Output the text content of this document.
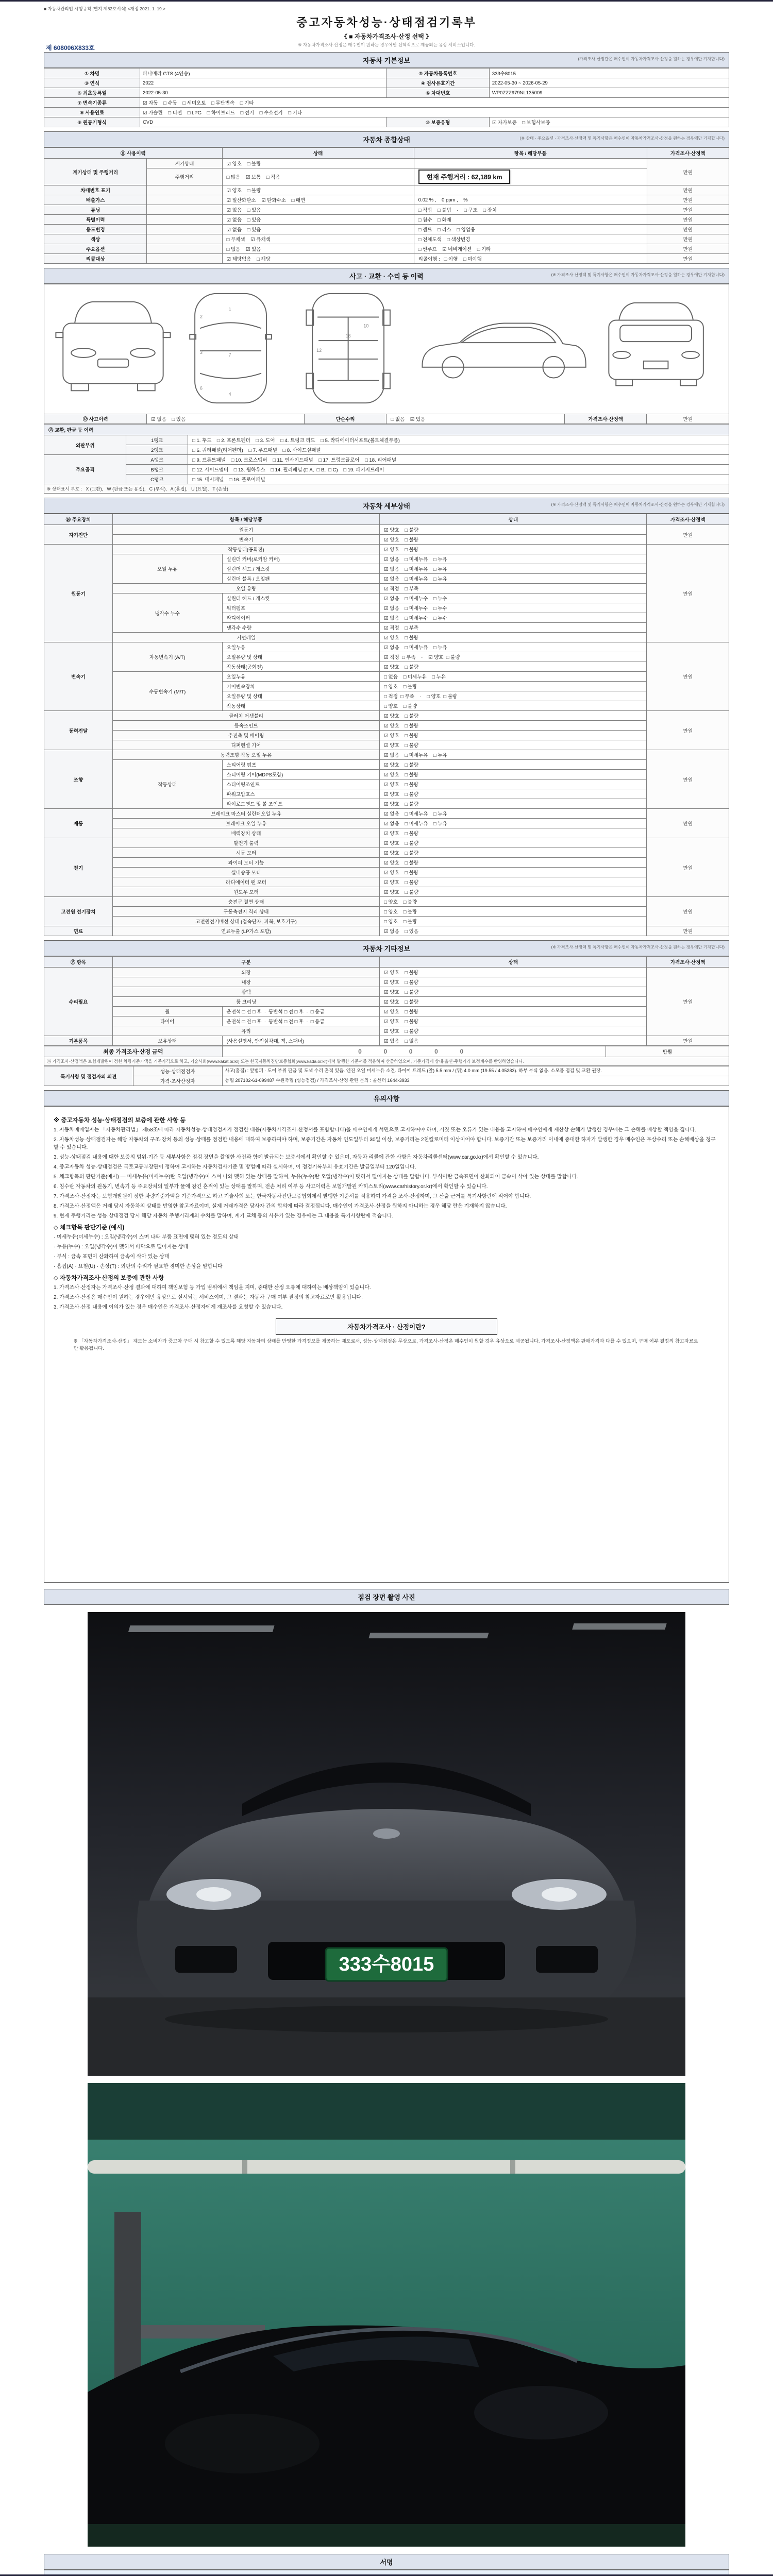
■ 자동차관리법 시행규칙 [별지 제82호서식] <개정 2021. 1. 19.>
중고자동차성능·상태점검기록부
《 ■ 자동차가격조사·산정 선택 》
※ 자동차가격조사·산정은 매수인이 원하는 경우에만 선택적으로 제공되는 유상 서비스입니다.
제 608006X833호
자동차 기본정보	(가격조사·산정란은 매수인이 자동차가격조사·산정을 원하는 경우에만 기재합니다)
① 차명	파나메라 GTS (4인승)	② 자동차등록번호	333수8015
③ 연식	2022	④ 검사유효기간	2022-05-30 ~ 2026-05-29
⑤ 최초등록일	2022-05-30	⑥ 차대번호	WP0ZZZ979NL135009
⑦ 변속기종류	☑ 자동    □ 수동    □ 세미오토    □ 무단변속    □ 기타		
⑧ 사용연료	☑ 가솔린    □ 디젤    □ LPG    □ 하이브리드    □ 전기    □ 수소전기    □ 기타		
⑨ 원동기형식	CVD	⑩ 보증유형	☑ 자가보증    □ 보험사보증
자동차 종합상태	(※ 상태 · 주요옵션 · 가격조사·산정액 및 특기사항은 매수인이 자동차가격조사·산정을 원하는 경우에만 기재합니다)
⑪ 사용이력		상태	항목 / 해당부품	가격조사·산정액
계기상태 및 주행거리	계기상태	☑ 양호    □ 불량		만원
	주행거리	□ 많음    ☑ 보통    □ 적음	현재 주행거리 : 62,189 km	
차대번호 표기		☑ 양호    □ 불량		만원
배출가스		☑ 일산화탄소    ☑ 탄화수소    □ 매연	0.02 % ,    0 ppm ,    %	만원
튜닝		☑ 없음    □ 있음	□ 적법    □ 불법    ·    □ 구조    □ 장치	만원
특별이력		☑ 없음    □ 있음	□ 침수    □ 화재	만원
용도변경		☑ 없음    □ 있음	□ 렌트    □ 리스    □ 영업용	만원
색상		□ 무채색    ☑ 유채색	□ 전체도색    □ 색상변경	만원
주요옵션		□ 없음    ☑ 있음	□ 썬루프    ☑ 네비게이션    □ 기타	만원
리콜대상		☑ 해당없음    □ 해당	리콜이행 :   □ 이행    □ 미이행	만원
사고 · 교환 · 수리 등 이력	(※ 가격조사·산정액 및 특기사항은 매수인이 자동차가격조사·산정을 원하는 경우에만 기재합니다)
1
7
4
2
3
6
16
12
10
⑫ 사고이력	☑ 없음    □ 있음	단순수리	□ 없음    ☑ 있음	가격조사·산정액	만원
⑬ 교환, 판금 등 이력		
외판부위	1랭크	□ 1. 후드    □ 2. 프론트펜더    □ 3. 도어    □ 4. 트렁크 리드    □ 5. 라디에이터서포트(볼트체결부품)
	2랭크	□ 6. 쿼터패널(리어펜더)    □ 7. 루프패널    □ 8. 사이드실패널
주요골격	A랭크	□ 9. 프론트패널    □ 10. 크로스멤버    □ 11. 인사이드패널    □ 17. 트렁크플로어    □ 18. 리어패널
	B랭크	□ 12. 사이드멤버    □ 13. 휠하우스    □ 14. 필러패널 (□ A,  □ B,  □ C)    □ 19. 패키지트레이
	C랭크	□ 15. 대시패널    □ 16. 플로어패널
※ 상태표시 부호 :   X (교환),   W (판금 또는 용접),   C (부식),   A (흠집),   U (요철),   T (손상)		
자동차 세부상태	(※ 가격조사·산정액 및 특기사항은 매수인이 자동차가격조사·산정을 원하는 경우에만 기재합니다)
⑭ 주요장치	항목 / 해당부품		상태	가격조사·산정액
자기진단	원동기		☑ 양호    □ 불량	만원
	변속기		☑ 양호    □ 불량	
원동기	작동상태(공회전)		☑ 양호    □ 불량	만원
	오일 누유	실린더 커버(로커암 커버)	☑ 없음    □ 미세누유    □ 누유	
		실린더 헤드 / 개스킷	☑ 없음    □ 미세누유    □ 누유	
		실린더 블록 / 오일팬	☑ 없음    □ 미세누유    □ 누유	
	오일 유량		☑ 적정    □ 부족	
	냉각수 누수	실린더 헤드 / 개스킷	☑ 없음    □ 미세누수    □ 누수	
		워터펌프	☑ 없음    □ 미세누수    □ 누수	
		라디에이터	☑ 없음    □ 미세누수    □ 누수	
		냉각수 수량	☑ 적정    □ 부족	
	커먼레일		☑ 양호    □ 불량	
변속기	자동변속기 (A/T)	오일누유	☑ 없음    □ 미세누유    □ 누유	만원
		오일유량 및 상태	☑ 적정  □ 부족    ·    ☑ 양호  □ 불량	
		작동상태(공회전)	☑ 양호    □ 불량	
	수동변속기 (M/T)	오일누유	□ 없음    □ 미세누유    □ 누유	
		기어변속장치	□ 양호    □ 불량	
		오일유량 및 상태	□ 적정  □ 부족    ·    □ 양호  □ 불량	
		작동상태	□ 양호    □ 불량	
동력전달	클러치 어셈블리		☑ 양호    □ 불량	만원
	등속조인트		☑ 양호    □ 불량	
	추진축 및 베어링		☑ 양호    □ 불량	
	디퍼렌셜 기어		☑ 양호    □ 불량	
조향	동력조향 작동 오일 누유		☑ 없음    □ 미세누유    □ 누유	만원
	작동상태	스티어링 펌프	☑ 양호    □ 불량	
		스티어링 기어(MDPS포함)	☑ 양호    □ 불량	
		스티어링조인트	☑ 양호    □ 불량	
		파워고압호스	☑ 양호    □ 불량	
		타이로드엔드 및 볼 조인트	☑ 양호    □ 불량	
제동	브레이크 마스터 실린더오일 누유		☑ 없음    □ 미세누유    □ 누유	만원
	브레이크 오일 누유		☑ 없음    □ 미세누유    □ 누유	
	배력장치 상태		☑ 양호    □ 불량	
전기	발전기 출력		☑ 양호    □ 불량	만원
	시동 모터		☑ 양호    □ 불량	
	와이퍼 모터 기능		☑ 양호    □ 불량	
	실내송풍 모터		☑ 양호    □ 불량	
	라디에이터 팬 모터		☑ 양호    □ 불량	
	윈도우 모터		☑ 양호    □ 불량	
고전원 전기장치	충전구 절연 상태		□ 양호    □ 불량	만원
	구동축전지 격리 상태		□ 양호    □ 불량	
	고전원전기배선 상태 (접속단자, 피복, 보호기구)		□ 양호    □ 불량	
연료	연료누출 (LP가스 포함)		☑ 없음    □ 있음	만원
자동차 기타정보	(※ 가격조사·산정액 및 특기사항은 매수인이 자동차가격조사·산정을 원하는 경우에만 기재합니다)
⑮ 항목	구분		상태	가격조사·산정액
수리필요	외장		☑ 양호    □ 불량	만원
	내장		☑ 양호    □ 불량	
	광택		☑ 양호    □ 불량	
	룸 크리닝		☑ 양호    □ 불량	
	휠	운전석 □ 전 □ 후  ·  동반석 □ 전 □ 후  ·  □ 응급	☑ 양호    □ 불량	
	타이어	운전석 □ 전 □ 후  ·  동반석 □ 전 □ 후  ·  □ 응급	☑ 양호    □ 불량	
	유리		☑ 양호    □ 불량	
기본품목	보유상태	(사용설명서, 안전삼각대, 잭, 스패너)	☑ 있음    □ 없음	만원
최종 가격조사·산정 금액	0  0  0  0  0	만원
⑯ 가격조사·산정액은 보험개발원이 정한 차량기준가액을 기준가격으로 하고, 기술사회(www.kakat.or.kr) 또는 한국자동차진단보증협회(www.kada.or.kr)에서 발행한 기준서를 적용하여 산출하였으며, 기준가격에 상태·옵션·주행거리 보정계수를 반영하였습니다.
특기사항 및 점검자의 의견	성능·상태점검자	사고(흠집) : 앞범퍼 · 도어 부위 판금 및 도색 수리 흔적 있음. 엔진 오일 미세누유 소견. 타이어 트레드 (앞) 5.5 mm / (뒤) 4.0 mm (19.55 / 4.05283). 하부 부식 없음. 소모품 점검 및 교환 권장.
	가격·조사산정자	농협 207102-61-099487 수원축협 (성능점검) / 가격조사·산정 관련 문의 : 콜센터 1644-3933
유의사항
※ 중고자동차 성능·상태점검의 보증에 관한 사항 등
1. 자동차매매업자는 「자동차관리법」 제58조에 따라 자동차성능·상태점검자가 점검한 내용(자동차가격조사·산정서를 포함합니다)을 매수인에게 서면으로 고지하여야 하며, 거짓 또는 오류가 있는 내용을 고지하여 매수인에게 재산상 손해가 발생한 경우에는 그 손해를 배상할 책임을 집니다.
2. 자동차성능·상태점검자는 해당 자동차의 구조·장치 등의 성능·상태를 점검한 내용에 대하여 보증하여야 하며, 보증기간은 자동차 인도일부터 30일 이상, 보증거리는 2천킬로미터 이상이어야 합니다. 보증기간 또는 보증거리 이내에 중대한 하자가 발생한 경우 매수인은 무상수리 또는 손해배상을 청구할 수 있습니다.
3. 성능·상태점검 내용에 대한 보증의 범위·기간 등 세부사항은 점검 장면을 촬영한 사진과 함께 발급되는 보증서에서 확인할 수 있으며, 자동차 리콜에 관한 사항은 자동차리콜센터(www.car.go.kr)에서 확인할 수 있습니다.
4. 중고자동차 성능·상태점검은 국토교통부장관이 정하여 고시하는 자동차검사기준 및 방법에 따라 실시하며, 이 점검기록부의 유효기간은 발급일부터 120일입니다.
5. 체크항목의 판단기준(예시) — 미세누유(미세누수)란 오일(냉각수)이 스며 나와 맺혀 있는 상태를 말하며, 누유(누수)란 오일(냉각수)이 맺혀서 떨어지는 상태를 말합니다. 부식이란 금속표면이 산화되어 금속이 삭아 있는 상태를 말합니다.
6. 침수란 자동차의 원동기, 변속기 등 주요장치의 일부가 물에 잠긴 흔적이 있는 상태를 말하며, 전손 처리 여부 등 사고이력은 보험개발원 카히스토리(www.carhistory.or.kr)에서 확인할 수 있습니다.
7. 가격조사·산정자는 보험개발원이 정한 차량기준가액을 기준가격으로 하고 기술사회 또는 한국자동차진단보증협회에서 발행한 기준서를 적용하여 가격을 조사·산정하며, 그 산출 근거를 특기사항란에 적어야 합니다.
8. 가격조사·산정액은 거래 당시 자동차의 상태를 반영한 참고자료이며, 실제 거래가격은 당사자 간의 합의에 따라 결정됩니다. 매수인이 가격조사·산정을 원하지 아니하는 경우 해당 란은 기재하지 않습니다.
9. 현재 주행거리는 성능·상태점검 당시 해당 자동차 주행거리계의 수치를 말하며, 계기 교체 등의 사유가 있는 경우에는 그 내용을 특기사항란에 적습니다.
◇ 체크항목 판단기준 (예시)
· 미세누유(미세누수) : 오일(냉각수)이 스며 나와 부품 표면에 맺혀 있는 정도의 상태
· 누유(누수) : 오일(냉각수)이 맺혀서 바닥으로 떨어지는 상태
· 부식 : 금속 표면이 산화하여 금속이 삭아 있는 상태
· 흠집(A) · 요철(U) · 손상(T) : 외판의 수리가 필요한 경미한 손상을 말합니다
◇ 자동차가격조사·산정의 보증에 관한 사항
1. 가격조사·산정자는 가격조사·산정 결과에 대하여 책임보험 등 가입 범위에서 책임을 지며, 중대한 산정 오류에 대하여는 배상책임이 있습니다.
2. 가격조사·산정은 매수인이 원하는 경우에만 유상으로 실시되는 서비스이며, 그 결과는 자동차 구매 여부 결정의 참고자료로만 활용됩니다.
3. 가격조사·산정 내용에 이의가 있는 경우 매수인은 가격조사·산정자에게 재조사를 요청할 수 있습니다.
자동차가격조사 · 산정이란?
※ 「자동차가격조사·산정」 제도는 소비자가 중고차 구매 시 참고할 수 있도록 해당 자동차의 상태를 반영한 가격정보를 제공하는 제도로서, 성능·상태점검은 무상으로, 가격조사·산정은 매수인이 원할 경우 유상으로 제공됩니다. 가격조사·산정액은 판매가격과 다를 수 있으며, 구매 여부 결정의 참고자료로만 활용됩니다.
점검 장면 촬영 사진
333수8015
서명
